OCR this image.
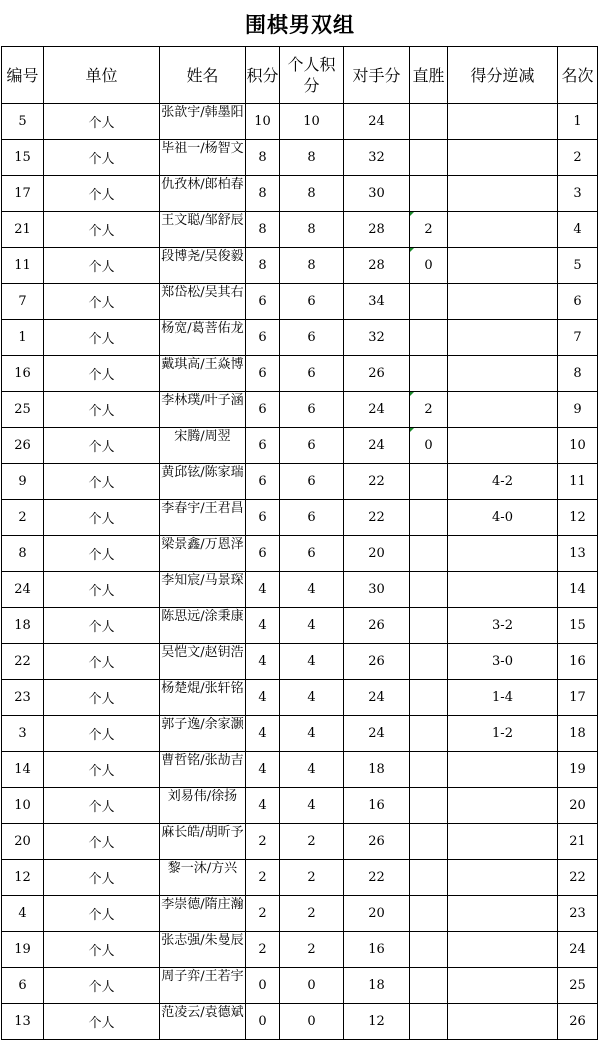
围棋男双组
编号	单位	姓名	积分	个人积分	对手分	直胜	得分逆减	名次
5	个人	张歆宇/韩墨阳	10	10	24			1
15	个人	毕祖一/杨智文	8	8	32			2
17	个人	仇孜林/郎柏春	8	8	30			3
21	个人	王文聪/邹舒辰	8	8	28	2		4
11	个人	段博尧/吴俊毅	8	8	28	0		5
7	个人	郑岱松/吴其右	6	6	34			6
1	个人	杨宽/葛菩佑龙	6	6	32			7
16	个人	戴琪高/王焱博	6	6	26			8
25	个人	李林璞/叶子涵	6	6	24	2		9
26	个人	宋腾/周翌	6	6	24	0		10
9	个人	黄邱铉/陈家瑞	6	6	22		4-2	11
2	个人	李春宇/王君昌	6	6	22		4-0	12
8	个人	梁景鑫/万恩泽	6	6	20			13
24	个人	李知宸/马景琛	4	4	30			14
18	个人	陈思远/涂秉康	4	4	26		3-2	15
22	个人	吴恺文/赵钥浩	4	4	26		3-0	16
23	个人	杨楚焜/张轩铭	4	4	24		1-4	17
3	个人	郭子逸/余家灏	4	4	24		1-2	18
14	个人	曹哲铭/张劼吉	4	4	18			19
10	个人	刘易伟/徐扬	4	4	16			20
20	个人	麻长皓/胡昕予	2	2	26			21
12	个人	黎一沐/方兴	2	2	22			22
4	个人	李崇德/隋庄瀚	2	2	20			23
19	个人	张志强/朱曼辰	2	2	16			24
6	个人	周子弈/王若宇	0	0	18			25
13	个人	范凌云/袁德斌	0	0	12			26
